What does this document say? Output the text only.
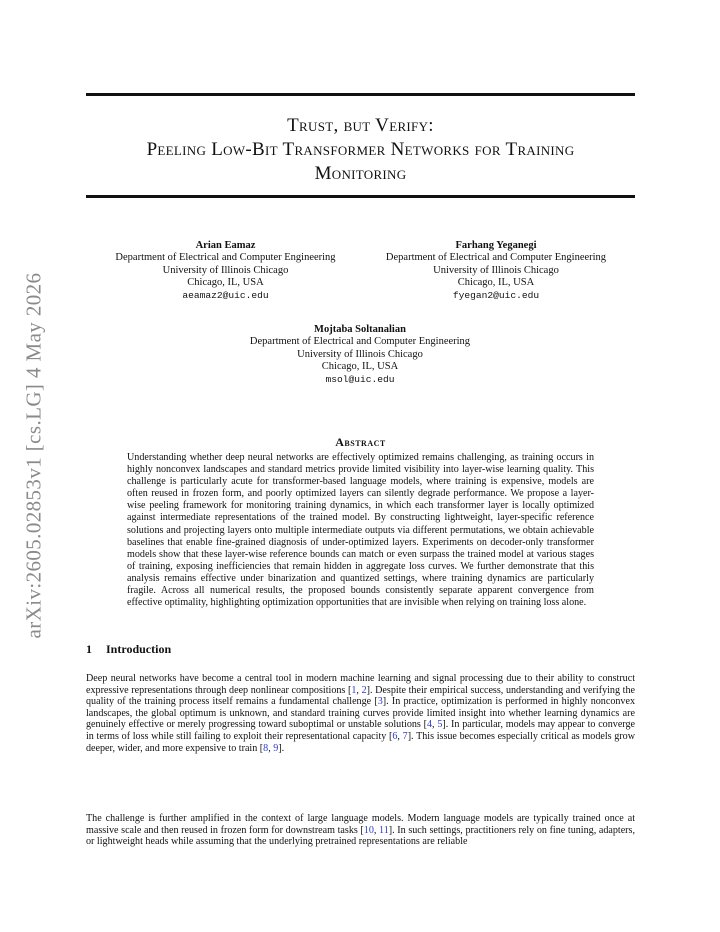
arXiv:2605.02853v1 [cs.LG] 4 May 2026
Trust, but Verify:
Peeling Low-Bit Transformer Networks for Training
Monitoring
Arian Eamaz
Department of Electrical and Computer Engineering
University of Illinois Chicago
Chicago, IL, USA
aeamaz2@uic.edu
Farhang Yeganegi
Department of Electrical and Computer Engineering
University of Illinois Chicago
Chicago, IL, USA
fyegan2@uic.edu
Mojtaba Soltanalian
Department of Electrical and Computer Engineering
University of Illinois Chicago
Chicago, IL, USA
msol@uic.edu
Abstract
Understanding whether deep neural networks are effectively optimized remains challenging, as training occurs in highly nonconvex landscapes and standard metrics provide limited visibility into layer-wise learning quality. This challenge is particularly acute for transformer-based language models, where training is expensive, models are often reused in frozen form, and poorly optimized layers can silently degrade performance. We propose a layer-wise peeling framework for monitoring training dynamics, in which each transformer layer is locally optimized against intermediate representations of the trained model. By constructing lightweight, layer-specific reference solutions and projecting layers onto multiple intermediate outputs via different permutations, we obtain achievable baselines that enable fine-grained diagnosis of under-optimized layers. Experiments on decoder-only transformer models show that these layer-wise reference bounds can match or even surpass the trained model at various stages of training, exposing inefficiencies that remain hidden in aggregate loss curves. We further demonstrate that this analysis remains effective under binarization and quantized settings, where training dynamics are particularly fragile. Across all numerical results, the proposed bounds consistently separate apparent convergence from effective optimality, highlighting optimization opportunities that are invisible when relying on training loss alone.
1 Introduction
Deep neural networks have become a central tool in modern machine learning and signal processing due to their ability to construct expressive representations through deep nonlinear compositions [1, 2]. Despite their empirical success, understanding and verifying the quality of the training process itself remains a fundamental challenge [3]. In practice, optimization is performed in highly nonconvex landscapes, the global optimum is unknown, and standard training curves provide limited insight into whether learning dynamics are genuinely effective or merely progressing toward suboptimal or unstable solutions [4, 5]. In particular, models may appear to converge in terms of loss while still failing to exploit their representational capacity [6, 7]. This issue becomes especially critical as models grow deeper, wider, and more expensive to train [8, 9].
The challenge is further amplified in the context of large language models. Modern language models are typically trained once at massive scale and then reused in frozen form for downstream tasks [10, 11]. In such settings, practitioners rely on fine tuning, adapters, or lightweight heads while assuming that the underlying pretrained representations are reliable
